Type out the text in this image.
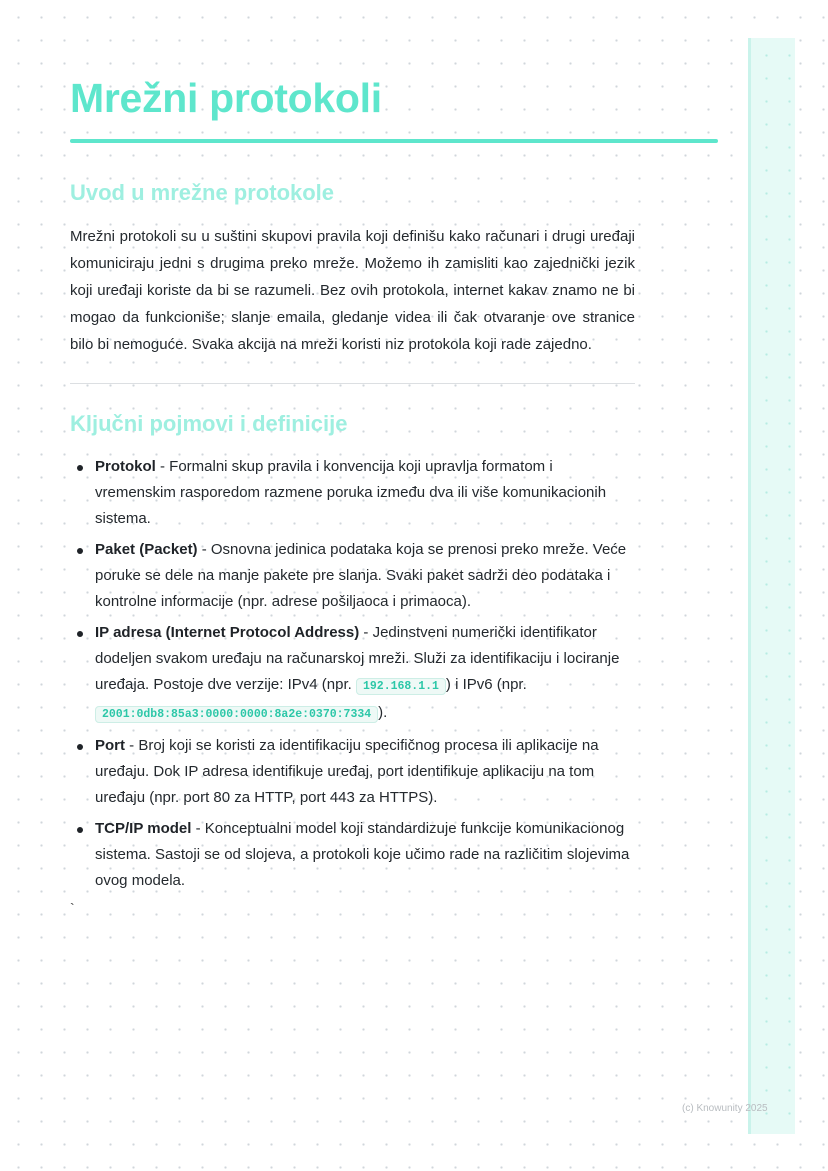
Mrežni protokoli
Uvod u mrežne protokole

Mrežni protokoli su u suštini skupovi pravila koji definišu kako računari i drugi uređaji komuniciraju jedni s drugima preko mreže. Možemo ih zamisliti kao zajednički jezik koji uređaji koriste da bi se razumeli. Bez ovih protokola, internet kakav znamo ne bi mogao da funkcioniše; slanje emaila, gledanje videa ili čak otvaranje ove stranice bilo bi nemoguće. Svaka akcija na mreži koristi niz protokola koji rade zajedno.

Ključni pojmovi i definicije
Protokol - Formalni skup pravila i konvencija koji upravlja formatom i vremenskim rasporedom razmene poruka između dva ili više komunikacionih sistema.
Paket (Packet) - Osnovna jedinica podataka koja se prenosi preko mreže. Veće poruke se dele na manje pakete pre slanja. Svaki paket sadrži deo podataka i kontrolne informacije (npr. adrese pošiljaoca i primaoca).
IP adresa (Internet Protocol Address) - Jedinstveni numerički identifikator dodeljen svakom uređaju na računarskoj mreži. Služi za identifikaciju i lociranje uređaja. Postoje dve verzije: IPv4 (npr. 192.168.1.1 ) i IPv6 (npr. 2001:0db8:85a3:0000:0000:8a2e:0370:7334 ).
Port - Broj koji se koristi za identifikaciju specifičnog procesa ili aplikacije na uređaju. Dok IP adresa identifikuje uređaj, port identifikuje aplikaciju na tom uređaju (npr. port 80 za HTTP, port 443 za HTTPS).
TCP/IP model - Konceptualni model koji standardizuje funkcije komunikacionog sistema. Sastoji se od slojeva, a protokoli koje učimo rade na različitim slojevima ovog modela.
`
(c) Knowunity 2025
